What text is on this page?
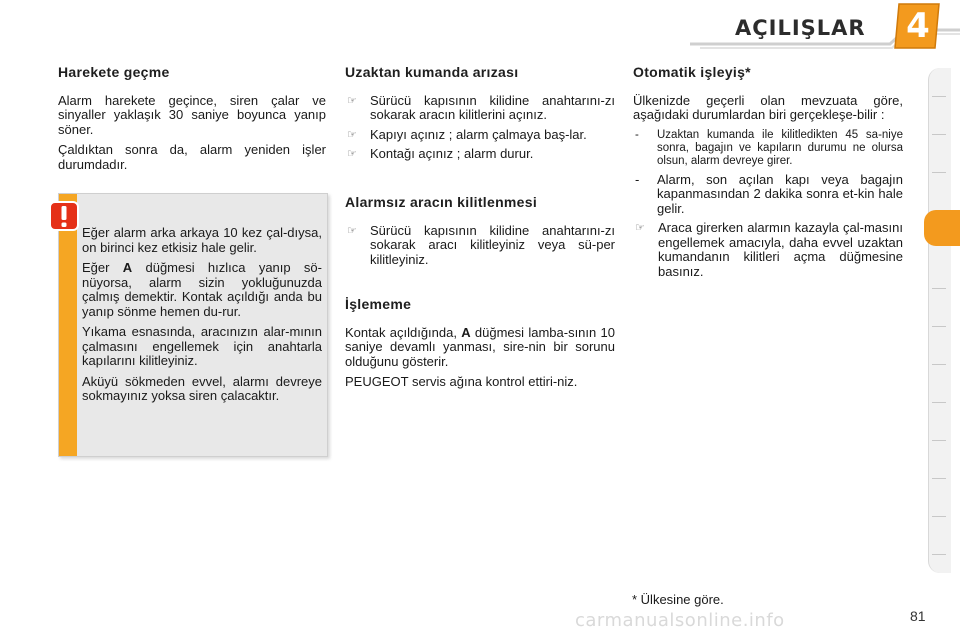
AÇILIŞLAR 4
Harekete geçme

Alarm harekete geçince, siren çalar ve sinyaller yaklaşık 30 saniye boyunca yanıp söner.

Çaldıktan sonra da, alarm yeniden işler durumdadır.

Eğer alarm arka arkaya 10 kez çal-dıysa, on birinci kez etkisiz hale gelir.

Eğer A düğmesi hızlıca yanıp sö-nüyorsa, alarm sizin yokluğunuzda çalmış demektir. Kontak açıldığı anda bu yanıp sönme hemen du-rur.

Yıkama esnasında, aracınızın alar-mının çalmasını engellemek için anahtarla kapılarını kilitleyiniz.

Aküyü sökmeden evvel, alarmı devreye sokmayınız yoksa siren çalacaktır.

Uzaktan kumanda arızası
☞ Sürücü kapısının kilidine anahtarını-zı sokarak aracın kilitlerini açınız.
☞ Kapıyı açınız ; alarm çalmaya baş-lar.
☞ Kontağı açınız ; alarm durur.
Alarmsız aracın kilitlenmesi
☞ Sürücü kapısının kilidine anahtarını-zı sokarak aracı kilitleyiniz veya sü-per kilitleyiniz.
İşlememe

Kontak açıldığında, A düğmesi lamba-sının 10 saniye devamlı yanması, sire-nin bir sorunu olduğunu gösterir.

PEUGEOT servis ağına kontrol ettiri-niz.

Otomatik işleyiş*

Ülkenizde geçerli olan mevzuata göre, aşağıdaki durumlardan biri gerçekleşe-bilir :

- Uzaktan kumanda ile kilitledikten 45 sa-niye sonra, bagajın ve kapıların durumu ne olursa olsun, alarm devreye girer.
- Alarm, son açılan kapı veya bagajın kapanmasından 2 dakika sonra et-kin hale gelir.
☞ Araca girerken alarmın kazayla çal-masını engellemek amacıyla, daha evvel uzaktan kumandanın kilitleri açma düğmesine basınız.
* Ülkesine göre.
carmanualsonline.info	81
